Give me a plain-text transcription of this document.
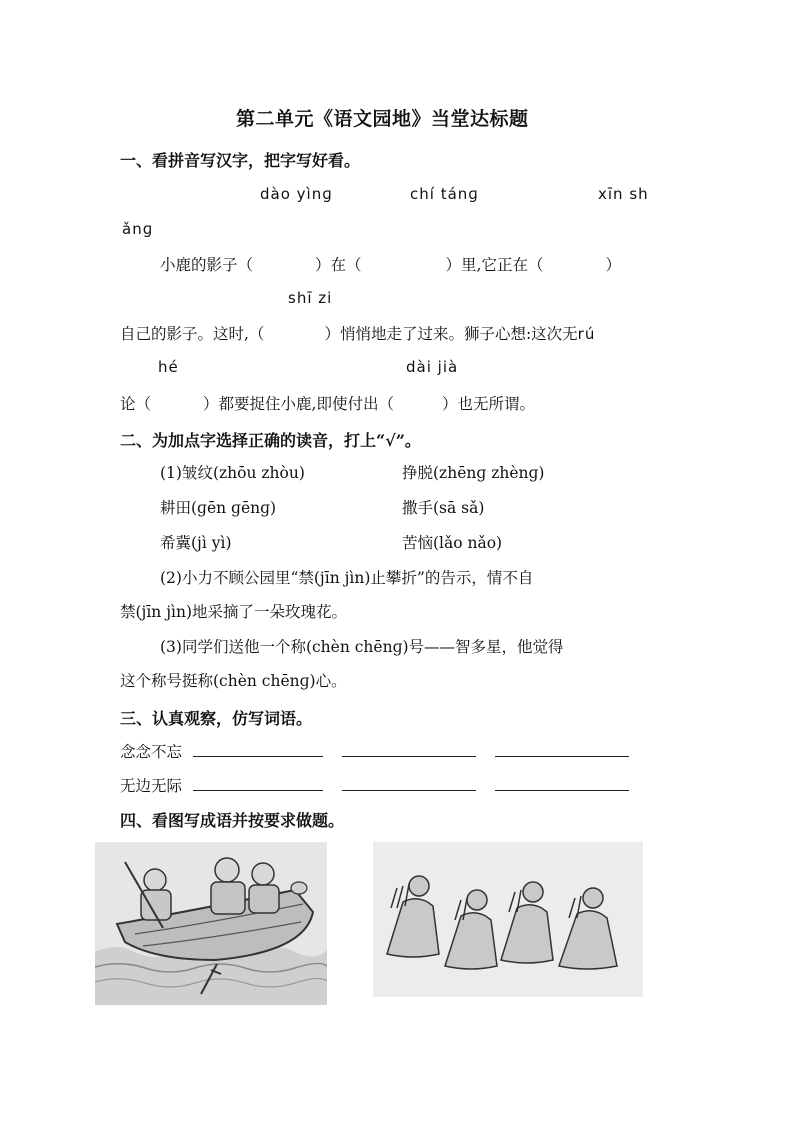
第二单元《语文园地》当堂达标题
一、看拼音写汉字，把字写好看。
dào yìnɡ	chí tánɡ	xīn sh
ǎnɡ
小鹿的影子（	）在（	）里,它正在（	）
shī zi
自己的影子。这时,（	）悄悄地走了过来。狮子心想:这次无rú
hé	dài jià
论（	）都要捉住小鹿,即使付出（	）也无所谓。
二、为加点字选择正确的读音，打上“√”。
(1)皱纹(zhōu zhòu)	挣脱(zhēnɡ zhènɡ)
耕田(ɡēn ɡēnɡ)	撒手(sā sǎ)
希冀(jì yì)	苦恼(lǎo nǎo)
(2)小力不顾公园里“禁(jīn jìn)止攀折”的告示，情不自
禁(jīn jìn)地采摘了一朵玫瑰花。
(3)同学们送他一个称(chèn chēnɡ)号——智多星，他觉得
这个称号挺称(chèn chēnɡ)心。
三、认真观察，仿写词语。
念念不忘
无边无际
四、看图写成语并按要求做题。
